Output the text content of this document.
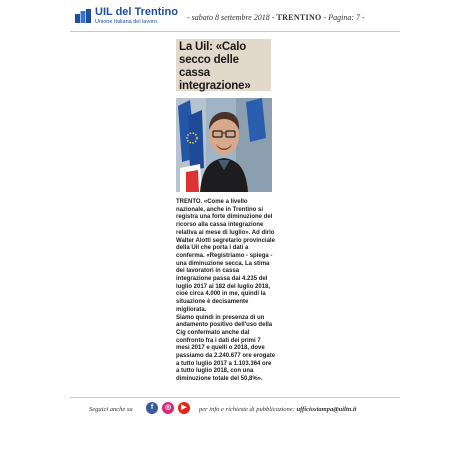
UIL del Trentino
Unione Italiana del lavoro	- sabato 8 settembre 2018 - TRENTINO - Pagina: 7 -
La Uil: «Calo secco delle cassa integrazione»

TRENTO. «Come a livello nazionale, anche in Trentino si registra una forte diminuzione del ricorso alla cassa integrazione relativa ai mese di luglio». Ad dirlo Walter Alotti segretario provinciale della Uil che porta i dati a conferma. «Registriamo - spiega - una diminuzione secca. La stima dei lavoratori in cassa integrazione passa dai 4.235 del luglio 2017 ai 182 del luglio 2018, cioè circa 4.000 in me, quindi la situazione è decisamente migliorata.

Siamo quindi in presenza di un andamento positivo dell'uso della Cig confermato anche dal confronto fra i dati dei primi 7 mesi 2017 e quelli o 2018, dove passiamo da 2.240.677 ore erogate a tutto luglio 2017 a 1.103.364 ore a tutto luglio 2018, con una diminuzione totale del 50,8%».

Seguici anche su	f	◎	▶	per info e richieste di pubblicazione: ufficiostampa@uiltn.it
